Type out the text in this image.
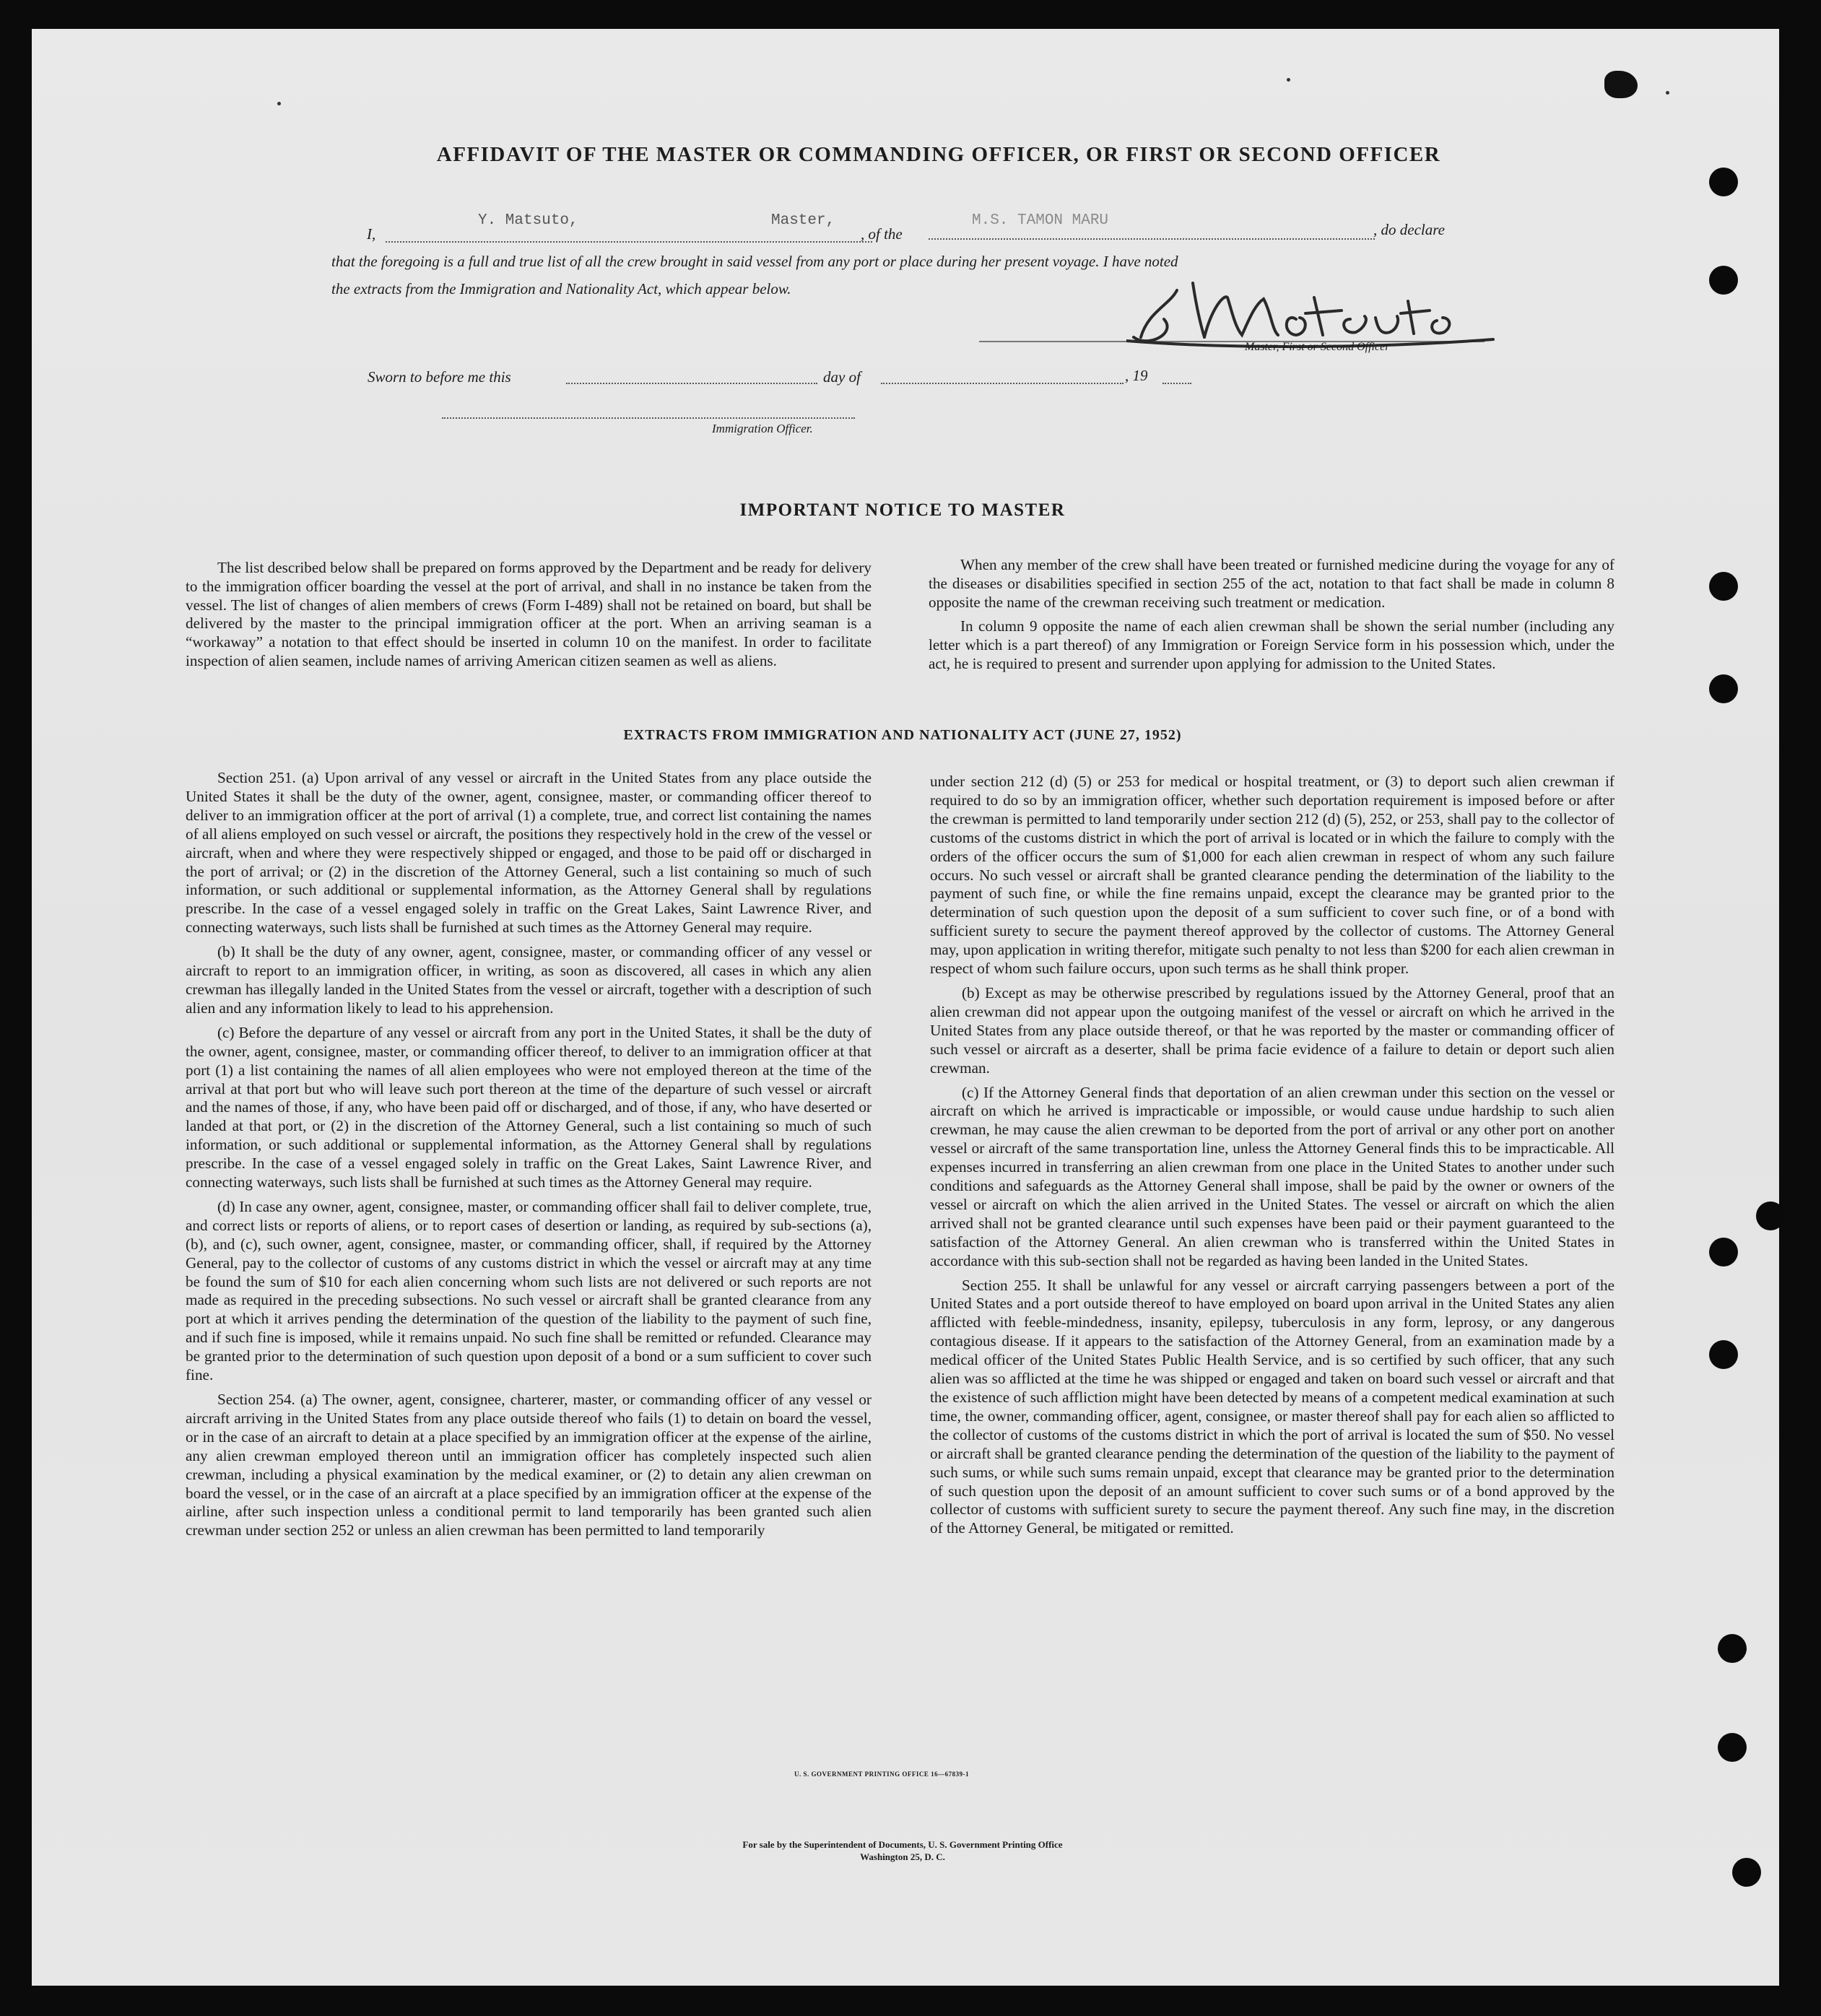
AFFIDAVIT OF THE MASTER OR COMMANDING OFFICER, OR FIRST OR SECOND OFFICER
I,
Y. Matsuto,	Master,
, of the
M.S. TAMON MARU
, do declare
that the foregoing is a full and true list of all the crew brought in said vessel from any port or place during her present voyage. I have noted
the extracts from the Immigration and Nationality Act, which appear below.
Master, First or Second Officer
Sworn to before me this	day of	, 19
Immigration Officer.
IMPORTANT NOTICE TO MASTER

The list described below shall be prepared on forms approved by the Department and be ready for delivery to the immigration officer boarding the vessel at the port of arrival, and shall in no instance be taken from the vessel. The list of changes of alien members of crews (Form I-489) shall not be retained on board, but shall be delivered by the master to the principal immigration officer at the port. When an arriving seaman is a “workaway” a notation to that effect should be inserted in column 10 on the manifest. In order to facilitate inspection of alien seamen, include names of arriving American citizen seamen as well as aliens.

When any member of the crew shall have been treated or furnished medicine during the voyage for any of the diseases or disabilities specified in section 255 of the act, notation to that fact shall be made in column 8 opposite the name of the crewman receiving such treatment or medication.

In column 9 opposite the name of each alien crewman shall be shown the serial number (including any letter which is a part thereof) of any Immigration or Foreign Service form in his possession which, under the act, he is required to present and surrender upon applying for admission to the United States.

EXTRACTS FROM IMMIGRATION AND NATIONALITY ACT (JUNE 27, 1952)

Section 251. (a) Upon arrival of any vessel or aircraft in the United States from any place outside the United States it shall be the duty of the owner, agent, consignee, master, or commanding officer thereof to deliver to an immigration officer at the port of arrival (1) a complete, true, and correct list containing the names of all aliens employed on such vessel or aircraft, the positions they respectively hold in the crew of the vessel or aircraft, when and where they were respectively shipped or engaged, and those to be paid off or discharged in the port of arrival; or (2) in the discretion of the Attorney General, such a list containing so much of such information, or such additional or supplemental information, as the Attorney General shall by regulations prescribe. In the case of a vessel engaged solely in traffic on the Great Lakes, Saint Lawrence River, and connecting waterways, such lists shall be furnished at such times as the Attorney General may require.

(b) It shall be the duty of any owner, agent, consignee, master, or commanding officer of any vessel or aircraft to report to an immigration officer, in writing, as soon as discovered, all cases in which any alien crewman has illegally landed in the United States from the vessel or aircraft, together with a description of such alien and any information likely to lead to his apprehension.

(c) Before the departure of any vessel or aircraft from any port in the United States, it shall be the duty of the owner, agent, consignee, master, or commanding officer thereof, to deliver to an immigration officer at that port (1) a list containing the names of all alien employees who were not employed thereon at the time of the arrival at that port but who will leave such port thereon at the time of the departure of such vessel or aircraft and the names of those, if any, who have been paid off or discharged, and of those, if any, who have deserted or landed at that port, or (2) in the discretion of the Attorney General, such a list containing so much of such information, or such additional or supplemental information, as the Attorney General shall by regulations prescribe. In the case of a vessel engaged solely in traffic on the Great Lakes, Saint Lawrence River, and connecting waterways, such lists shall be furnished at such times as the Attorney General may require.

(d) In case any owner, agent, consignee, master, or commanding officer shall fail to deliver complete, true, and correct lists or reports of aliens, or to report cases of desertion or landing, as required by sub-sections (a), (b), and (c), such owner, agent, consignee, master, or commanding officer, shall, if required by the Attorney General, pay to the collector of customs of any customs district in which the vessel or aircraft may at any time be found the sum of $10 for each alien concerning whom such lists are not delivered or such reports are not made as required in the preceding subsections. No such vessel or aircraft shall be granted clearance from any port at which it arrives pending the determination of the question of the liability to the payment of such fine, and if such fine is imposed, while it remains unpaid. No such fine shall be remitted or refunded. Clearance may be granted prior to the determination of such question upon deposit of a bond or a sum sufficient to cover such fine.

Section 254. (a) The owner, agent, consignee, charterer, master, or commanding officer of any vessel or aircraft arriving in the United States from any place outside thereof who fails (1) to detain on board the vessel, or in the case of an aircraft to detain at a place specified by an immigration officer at the expense of the airline, any alien crewman employed thereon until an immigration officer has completely inspected such alien crewman, including a physical examination by the medical examiner, or (2) to detain any alien crewman on board the vessel, or in the case of an aircraft at a place specified by an immigration officer at the expense of the airline, after such inspection unless a conditional permit to land temporarily has been granted such alien crewman under section 252 or unless an alien crewman has been permitted to land temporarily

under section 212 (d) (5) or 253 for medical or hospital treatment, or (3) to deport such alien crewman if required to do so by an immigration officer, whether such deportation requirement is imposed before or after the crewman is permitted to land temporarily under section 212 (d) (5), 252, or 253, shall pay to the collector of customs of the customs district in which the port of arrival is located or in which the failure to comply with the orders of the officer occurs the sum of $1,000 for each alien crewman in respect of whom any such failure occurs. No such vessel or aircraft shall be granted clearance pending the determination of the liability to the payment of such fine, or while the fine remains unpaid, except the clearance may be granted prior to the determination of such question upon the deposit of a sum sufficient to cover such fine, or of a bond with sufficient surety to secure the payment thereof approved by the collector of customs. The Attorney General may, upon application in writing therefor, mitigate such penalty to not less than $200 for each alien crewman in respect of whom such failure occurs, upon such terms as he shall think proper.

(b) Except as may be otherwise prescribed by regulations issued by the Attorney General, proof that an alien crewman did not appear upon the outgoing manifest of the vessel or aircraft on which he arrived in the United States from any place outside thereof, or that he was reported by the master or commanding officer of such vessel or aircraft as a deserter, shall be prima facie evidence of a failure to detain or deport such alien crewman.

(c) If the Attorney General finds that deportation of an alien crewman under this section on the vessel or aircraft on which he arrived is impracticable or impossible, or would cause undue hardship to such alien crewman, he may cause the alien crewman to be deported from the port of arrival or any other port on another vessel or aircraft of the same transportation line, unless the Attorney General finds this to be impracticable. All expenses incurred in transferring an alien crewman from one place in the United States to another under such conditions and safeguards as the Attorney General shall impose, shall be paid by the owner or owners of the vessel or aircraft on which the alien arrived in the United States. The vessel or aircraft on which the alien arrived shall not be granted clearance until such expenses have been paid or their payment guaranteed to the satisfaction of the Attorney General. An alien crewman who is transferred within the United States in accordance with this sub-section shall not be regarded as having been landed in the United States.

Section 255. It shall be unlawful for any vessel or aircraft carrying passengers between a port of the United States and a port outside thereof to have employed on board upon arrival in the United States any alien afflicted with feeble-mindedness, insanity, epilepsy, tuberculosis in any form, leprosy, or any dangerous contagious disease. If it appears to the satisfaction of the Attorney General, from an examination made by a medical officer of the United States Public Health Service, and is so certified by such officer, that any such alien was so afflicted at the time he was shipped or engaged and taken on board such vessel or aircraft and that the existence of such affliction might have been detected by means of a competent medical examination at such time, the owner, commanding officer, agent, consignee, or master thereof shall pay for each alien so afflicted to the collector of customs of the customs district in which the port of arrival is located the sum of $50. No vessel or aircraft shall be granted clearance pending the determination of the question of the liability to the payment of such sums, or while such sums remain unpaid, except that clearance may be granted prior to the determination of such question upon the deposit of an amount sufficient to cover such sums or of a bond approved by the collector of customs with sufficient surety to secure the payment thereof. Any such fine may, in the discretion of the Attorney General, be mitigated or remitted.

U. S. GOVERNMENT PRINTING OFFICE 16—67839-1
For sale by the Superintendent of Documents, U. S. Government Printing Office
Washington 25, D. C.
